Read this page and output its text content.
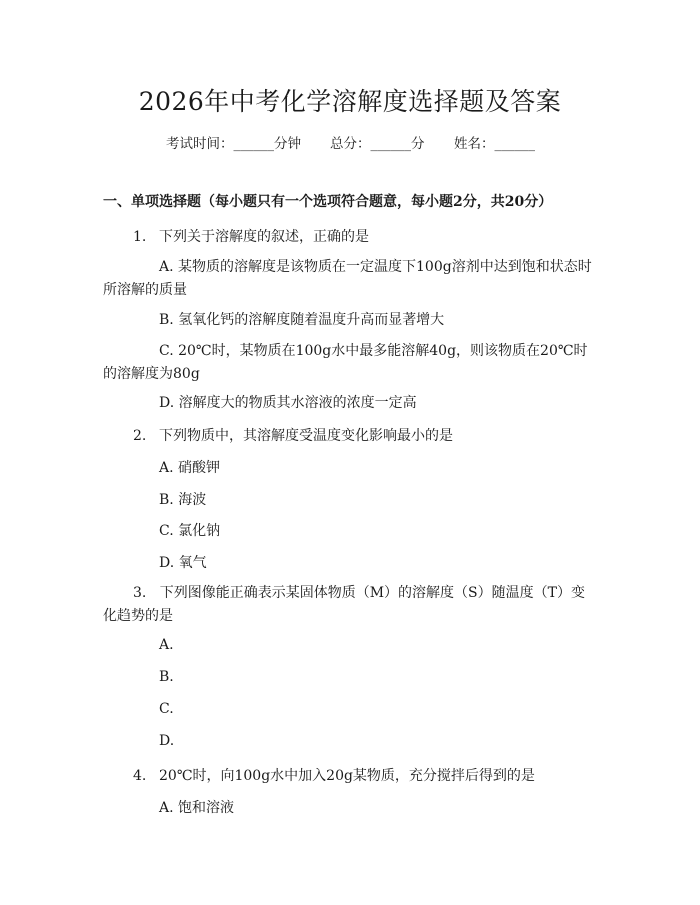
2026年中考化学溶解度选择题及答案
考试时间：______分钟 总分：______分 姓名：______
一、单项选择题（每小题只有一个选项符合题意，每小题2分，共20分）
1. 下列关于溶解度的叙述，正确的是
A. 某物质的溶解度是该物质在一定温度下100g溶剂中达到饱和状态时所溶解的质量
B. 氢氧化钙的溶解度随着温度升高而显著增大
C. 20℃时，某物质在100g水中最多能溶解40g，则该物质在20℃时的溶解度为80g
D. 溶解度大的物质其水溶液的浓度一定高
2. 下列物质中，其溶解度受温度变化影响最小的是
A. 硝酸钾
B. 海波
C. 氯化钠
D. 氧气
3. 下列图像能正确表示某固体物质（M）的溶解度（S）随温度（T）变化趋势的是
A.
B.
C.
D.
4. 20℃时，向100g水中加入20g某物质，充分搅拌后得到的是
A. 饱和溶液
